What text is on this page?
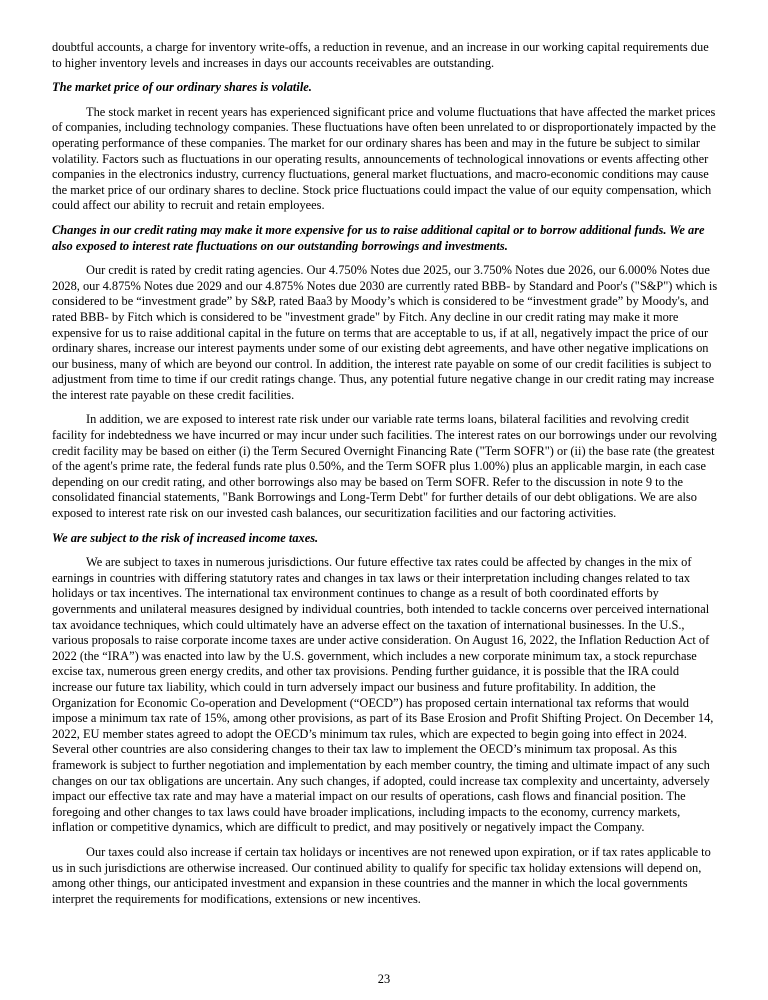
doubtful accounts, a charge for inventory write-offs, a reduction in revenue, and an increase in our working capital requirements due to higher inventory levels and increases in days our accounts receivables are outstanding.

The market price of our ordinary shares is volatile.

The stock market in recent years has experienced significant price and volume fluctuations that have affected the market prices of companies, including technology companies. These fluctuations have often been unrelated to or disproportionately impacted by the operating performance of these companies. The market for our ordinary shares has been and may in the future be subject to similar volatility. Factors such as fluctuations in our operating results, announcements of technological innovations or events affecting other companies in the electronics industry, currency fluctuations, general market fluctuations, and macro-economic conditions may cause the market price of our ordinary shares to decline. Stock price fluctuations could impact the value of our equity compensation, which could affect our ability to recruit and retain employees.

Changes in our credit rating may make it more expensive for us to raise additional capital or to borrow additional funds. We are also exposed to interest rate fluctuations on our outstanding borrowings and investments.

Our credit is rated by credit rating agencies. Our 4.750% Notes due 2025, our 3.750% Notes due 2026, our 6.000% Notes due 2028, our 4.875% Notes due 2029 and our 4.875% Notes due 2030 are currently rated BBB- by Standard and Poor's ("S&P") which is considered to be “investment grade” by S&P, rated Baa3 by Moody’s which is considered to be “investment grade” by Moody's, and rated BBB- by Fitch which is considered to be "investment grade" by Fitch. Any decline in our credit rating may make it more expensive for us to raise additional capital in the future on terms that are acceptable to us, if at all, negatively impact the price of our ordinary shares, increase our interest payments under some of our existing debt agreements, and have other negative implications on our business, many of which are beyond our control. In addition, the interest rate payable on some of our credit facilities is subject to adjustment from time to time if our credit ratings change. Thus, any potential future negative change in our credit rating may increase the interest rate payable on these credit facilities.

In addition, we are exposed to interest rate risk under our variable rate terms loans, bilateral facilities and revolving credit facility for indebtedness we have incurred or may incur under such facilities. The interest rates on our borrowings under our revolving credit facility may be based on either (i) the Term Secured Overnight Financing Rate ("Term SOFR") or (ii) the base rate (the greatest of the agent's prime rate, the federal funds rate plus 0.50%, and the Term SOFR plus 1.00%) plus an applicable margin, in each case depending on our credit rating, and other borrowings also may be based on Term SOFR. Refer to the discussion in note 9 to the consolidated financial statements, "Bank Borrowings and Long-Term Debt" for further details of our debt obligations. We are also exposed to interest rate risk on our invested cash balances, our securitization facilities and our factoring activities.

We are subject to the risk of increased income taxes.

We are subject to taxes in numerous jurisdictions. Our future effective tax rates could be affected by changes in the mix of earnings in countries with differing statutory rates and changes in tax laws or their interpretation including changes related to tax holidays or tax incentives. The international tax environment continues to change as a result of both coordinated efforts by governments and unilateral measures designed by individual countries, both intended to tackle concerns over perceived international tax avoidance techniques, which could ultimately have an adverse effect on the taxation of international businesses. In the U.S., various proposals to raise corporate income taxes are under active consideration. On August 16, 2022, the Inflation Reduction Act of 2022 (the “IRA”) was enacted into law by the U.S. government, which includes a new corporate minimum tax, a stock repurchase excise tax, numerous green energy credits, and other tax provisions. Pending further guidance, it is possible that the IRA could increase our future tax liability, which could in turn adversely impact our business and future profitability. In addition, the Organization for Economic Co-operation and Development (“OECD”) has proposed certain international tax reforms that would impose a minimum tax rate of 15%, among other provisions, as part of its Base Erosion and Profit Shifting Project. On December 14, 2022, EU member states agreed to adopt the OECD’s minimum tax rules, which are expected to begin going into effect in 2024. Several other countries are also considering changes to their tax law to implement the OECD’s minimum tax proposal. As this framework is subject to further negotiation and implementation by each member country, the timing and ultimate impact of any such changes on our tax obligations are uncertain. Any such changes, if adopted, could increase tax complexity and uncertainty, adversely impact our effective tax rate and may have a material impact on our results of operations, cash flows and financial position. The foregoing and other changes to tax laws could have broader implications, including impacts to the economy, currency markets, inflation or competitive dynamics, which are difficult to predict, and may positively or negatively impact the Company.

Our taxes could also increase if certain tax holidays or incentives are not renewed upon expiration, or if tax rates applicable to us in such jurisdictions are otherwise increased. Our continued ability to qualify for specific tax holiday extensions will depend on, among other things, our anticipated investment and expansion in these countries and the manner in which the local governments interpret the requirements for modifications, extensions or new incentives.

23
